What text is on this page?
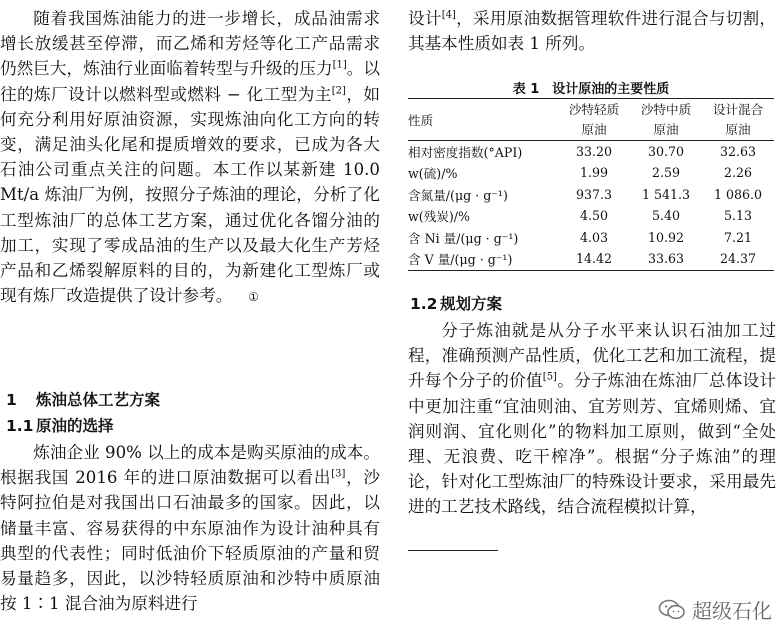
随着我国炼油能力的进一步增长，成品油需求增长放缓甚至停滞，而乙烯和芳烃等化工产品需求仍然巨大，炼油行业面临着转型与升级的压力[1]。以往的炼厂设计以燃料型或燃料 − 化工型为主[2]，如何充分利用好原油资源，实现炼油向化工方向的转变，满足油头化尾和提质增效的要求，已成为各大石油公司重点关注的问题。本工作以某新建 10.0 Mt/a 炼油厂为例，按照分子炼油的理论，分析了化工型炼油厂的总体工艺方案，通过优化各馏分油的加工，实现了零成品油的生产以及最大化生产芳烃产品和乙烯裂解原料的目的，为新建化工型炼厂或现有炼厂改造提供了设计参考。 ①

1 炼油总体工艺方案

1.1 原油的选择

炼油企业 90% 以上的成本是购买原油的成本。根据我国 2016 年的进口原油数据可以看出[3]，沙特阿拉伯是对我国出口石油最多的国家。因此，以储量丰富、容易获得的中东原油作为设计油种具有典型的代表性；同时低油价下轻质原油的产量和贸易量趋多，因此，以沙特轻质原油和沙特中质原油按 1∶1 混合油为原料进行

设计[4]，采用原油数据管理软件进行混合与切割，其基本性质如表 1 所列。

表 1　设计原油的主要性质

性质	沙特轻质	沙特中质	设计混合
	原油	原油	原油
相对密度指数(°API)	33.20	30.70	32.63
w(硫)/%	1.99	2.59	2.26
含氮量/(μg · g⁻¹)	937.3	1 541.3	1 086.0
w(残炭)/%	4.50	5.40	5.13
含 Ni 量/(μg · g⁻¹)	4.03	10.92	7.21
含 V 量/(μg · g⁻¹)	14.42	33.63	24.37

1.2 规划方案

分子炼油就是从分子水平来认识石油加工过程，准确预测产品性质，优化工艺和加工流程，提升每个分子的价值[5]。分子炼油在炼油厂总体设计中更加注重“宜油则油、宜芳则芳、宜烯则烯、宜润则润、宜化则化”的物料加工原则，做到“全处理、无浪费、吃干榨净”。根据“分子炼油”的理论，针对化工型炼油厂的特殊设计要求，采用最先进的工艺技术路线，结合流程模拟计算，

超级石化
